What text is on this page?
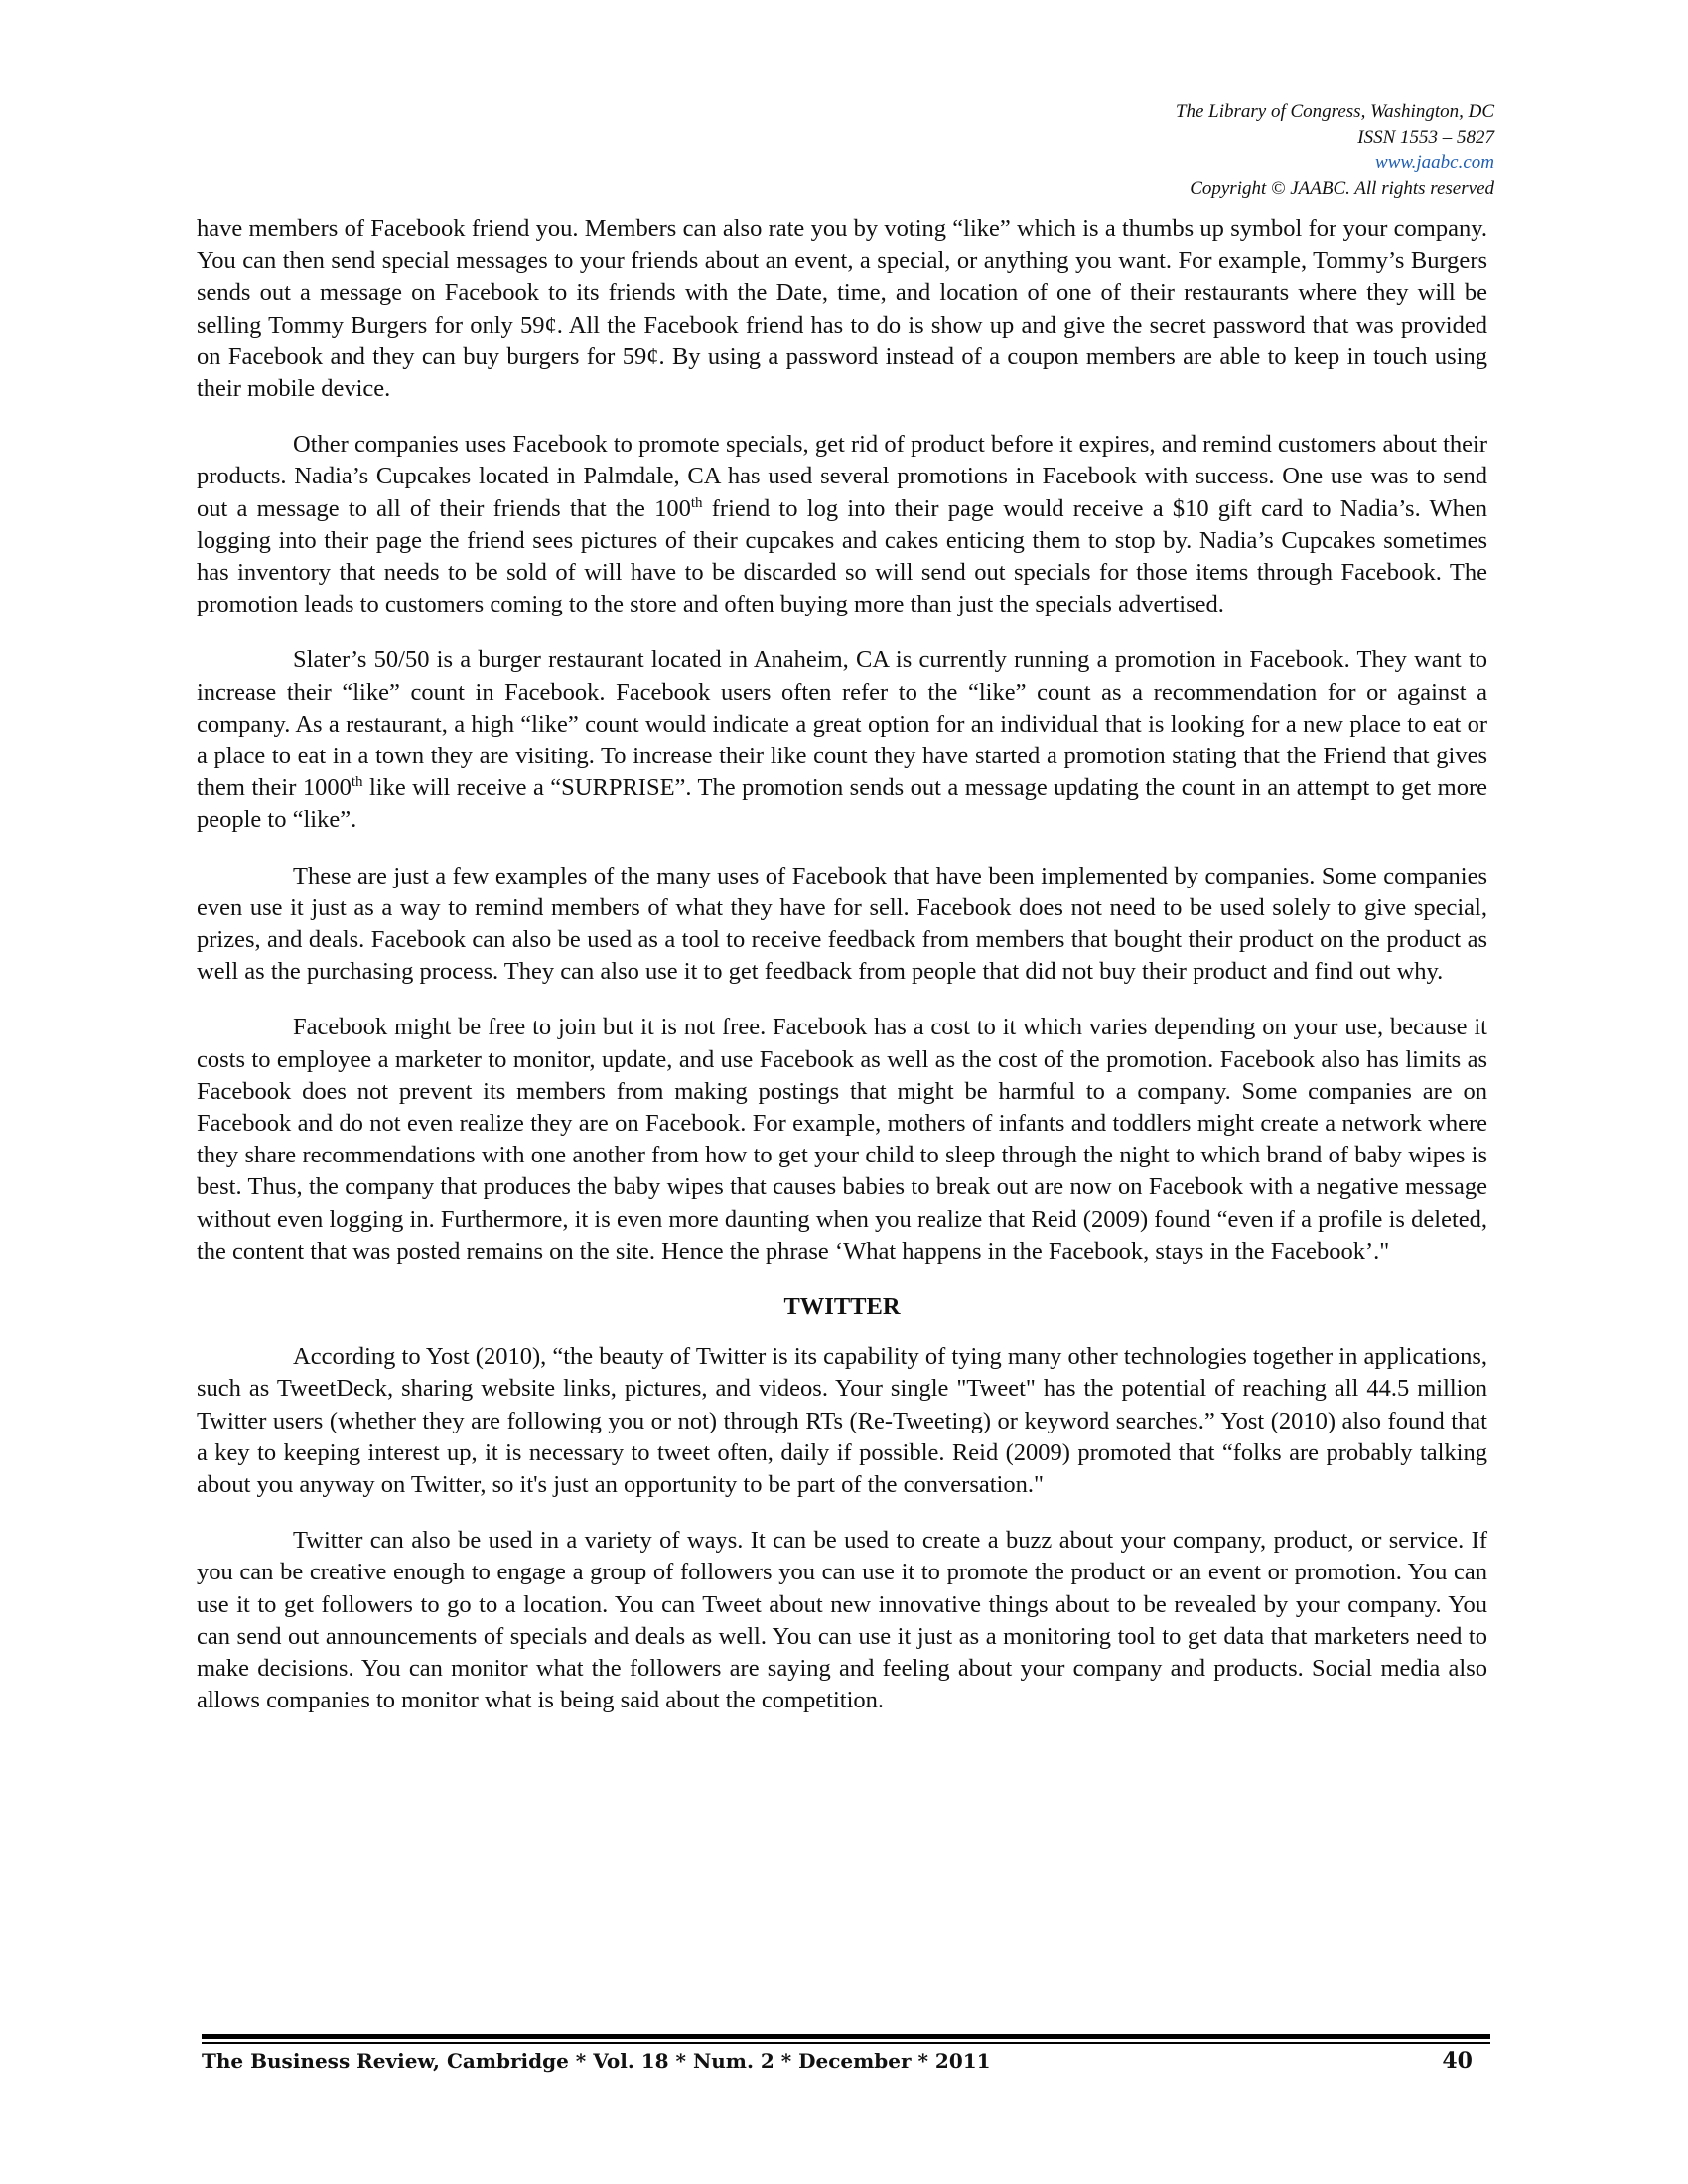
The Library of Congress, Washington, DC
ISSN 1553 – 5827
www.jaabc.com
Copyright © JAABC. All rights reserved

have members of Facebook friend you. Members can also rate you by voting “like” which is a thumbs up symbol for your company. You can then send special messages to your friends about an event, a special, or anything you want. For example, Tommy’s Burgers sends out a message on Facebook to its friends with the Date, time, and location of one of their restaurants where they will be selling Tommy Burgers for only 59¢. All the Facebook friend has to do is show up and give the secret password that was provided on Facebook and they can buy burgers for 59¢. By using a password instead of a coupon members are able to keep in touch using their mobile device.

Other companies uses Facebook to promote specials, get rid of product before it expires, and remind customers about their products. Nadia’s Cupcakes located in Palmdale, CA has used several promotions in Facebook with success. One use was to send out a message to all of their friends that the 100th friend to log into their page would receive a $10 gift card to Nadia’s. When logging into their page the friend sees pictures of their cupcakes and cakes enticing them to stop by. Nadia’s Cupcakes sometimes has inventory that needs to be sold of will have to be discarded so will send out specials for those items through Facebook. The promotion leads to customers coming to the store and often buying more than just the specials advertised.

Slater’s 50/50 is a burger restaurant located in Anaheim, CA is currently running a promotion in Facebook. They want to increase their “like” count in Facebook. Facebook users often refer to the “like” count as a recommendation for or against a company. As a restaurant, a high “like” count would indicate a great option for an individual that is looking for a new place to eat or a place to eat in a town they are visiting. To increase their like count they have started a promotion stating that the Friend that gives them their 1000th like will receive a “SURPRISE”. The promotion sends out a message updating the count in an attempt to get more people to “like”.

These are just a few examples of the many uses of Facebook that have been implemented by companies. Some companies even use it just as a way to remind members of what they have for sell. Facebook does not need to be used solely to give special, prizes, and deals. Facebook can also be used as a tool to receive feedback from members that bought their product on the product as well as the purchasing process. They can also use it to get feedback from people that did not buy their product and find out why.

Facebook might be free to join but it is not free. Facebook has a cost to it which varies depending on your use, because it costs to employee a marketer to monitor, update, and use Facebook as well as the cost of the promotion. Facebook also has limits as Facebook does not prevent its members from making postings that might be harmful to a company. Some companies are on Facebook and do not even realize they are on Facebook. For example, mothers of infants and toddlers might create a network where they share recommendations with one another from how to get your child to sleep through the night to which brand of baby wipes is best. Thus, the company that produces the baby wipes that causes babies to break out are now on Facebook with a negative message without even logging in. Furthermore, it is even more daunting when you realize that Reid (2009) found “even if a profile is deleted, the content that was posted remains on the site. Hence the phrase ‘What happens in the Facebook, stays in the Facebook’."

TWITTER

According to Yost (2010), “the beauty of Twitter is its capability of tying many other technologies together in applications, such as TweetDeck, sharing website links, pictures, and videos. Your single "Tweet" has the potential of reaching all 44.5 million Twitter users (whether they are following you or not) through RTs (Re-Tweeting) or keyword searches.” Yost (2010) also found that a key to keeping interest up, it is necessary to tweet often, daily if possible. Reid (2009) promoted that “folks are probably talking about you anyway on Twitter, so it's just an opportunity to be part of the conversation."

Twitter can also be used in a variety of ways. It can be used to create a buzz about your company, product, or service. If you can be creative enough to engage a group of followers you can use it to promote the product or an event or promotion. You can use it to get followers to go to a location. You can Tweet about new innovative things about to be revealed by your company. You can send out announcements of specials and deals as well. You can use it just as a monitoring tool to get data that marketers need to make decisions. You can monitor what the followers are saying and feeling about your company and products. Social media also allows companies to monitor what is being said about the competition.

The Business Review, Cambridge * Vol. 18 * Num. 2 * December * 2011	40
